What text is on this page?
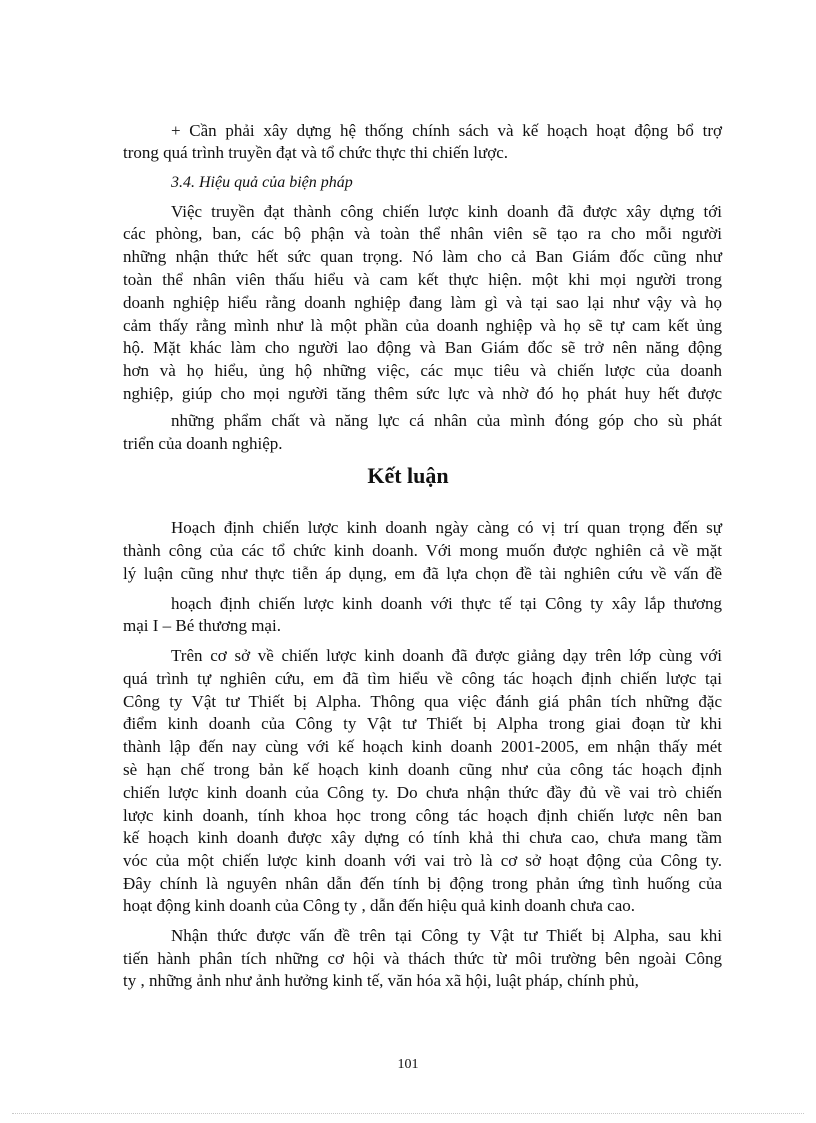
+ Cần phải xây dựng hệ thống chính sách và kế hoạch hoạt động bổ trợ
trong quá trình truyền đạt và tổ chức thực thi chiến lược.
3.4. Hiệu quả của biện pháp
Việc truyền đạt thành công chiến lược kinh doanh đã được xây dựng tới
các phòng, ban, các bộ phận và toàn thể nhân viên sẽ tạo ra cho mỗi người
những nhận thức hết sức quan trọng. Nó làm cho cả Ban Giám đốc cũng như
toàn thể nhân viên thấu hiểu và cam kết thực hiện. một khi mọi người trong
doanh nghiệp hiểu rằng doanh nghiệp đang làm gì và tại sao lại như vậy và họ
cảm thấy rằng mình như là một phần của doanh nghiệp và họ sẽ tự cam kết ủng
hộ. Mặt khác làm cho người lao động và Ban Giám đốc sẽ trở nên năng động
hơn và họ hiểu, ủng hộ những việc, các mục tiêu và chiến lược của doanh
nghiệp, giúp cho mọi người tăng thêm sức lực và nhờ đó họ phát huy hết được
những phẩm chất và năng lực cá nhân của mình đóng góp cho sù phát
triển của doanh nghiệp.
Kết luận
Hoạch định chiến lược kinh doanh ngày càng có vị trí quan trọng đến sự
thành công của các tổ chức kinh doanh. Với mong muốn được nghiên cả về mặt
lý luận cũng như thực tiễn áp dụng, em đã lựa chọn đề tài nghiên cứu về vấn đề
hoạch định chiến lược kinh doanh với thực tế tại Công ty xây lắp thương
mại I – Bé thương mại.
Trên cơ sở về chiến lược kinh doanh đã được giảng dạy trên lớp cùng với
quá trình tự nghiên cứu, em đã tìm hiểu về công tác hoạch định chiến lược tại
Công ty Vật tư Thiết bị Alpha. Thông qua việc đánh giá phân tích những đặc
điểm kinh doanh của Công ty Vật tư Thiết bị Alpha trong giai đoạn từ khi
thành lập đến nay cùng với kế hoạch kinh doanh 2001-2005, em nhận thấy mét
sè hạn chế trong bản kế hoạch kinh doanh cũng như của công tác hoạch định
chiến lược kinh doanh của Công ty. Do chưa nhận thức đầy đủ về vai trò chiến
lược kinh doanh, tính khoa học trong công tác hoạch định chiến lược nên ban
kế hoạch kinh doanh được xây dựng có tính khả thi chưa cao, chưa mang tầm
vóc của một chiến lược kinh doanh với vai trò là cơ sở hoạt động của Công ty.
Đây chính là nguyên nhân dẫn đến tính bị động trong phản ứng tình huống của
hoạt động kinh doanh của Công ty , dẫn đến hiệu quả kinh doanh chưa cao.
Nhận thức được vấn đề trên tại Công ty Vật tư Thiết bị Alpha, sau khi
tiến hành phân tích những cơ hội và thách thức từ môi trường bên ngoài Công
ty , những ảnh như ảnh hưởng kinh tế, văn hóa xã hội, luật pháp, chính phủ,
101
